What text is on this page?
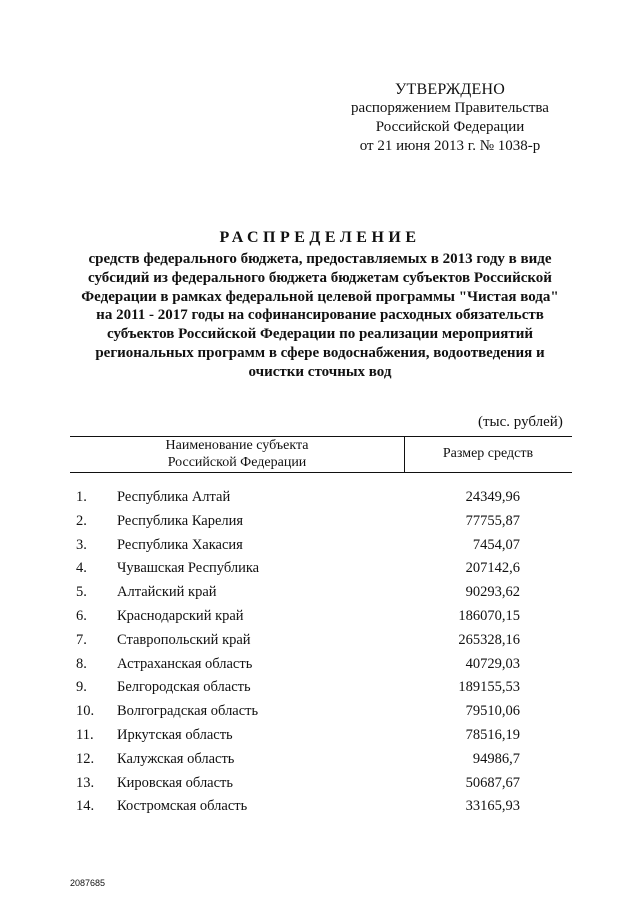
УТВЕРЖДЕНО
распоряжением Правительства
Российской Федерации
от 21 июня 2013 г. № 1038-р
РАСПРЕДЕЛЕНИЕ
средств федерального бюджета, предоставляемых в 2013 году в виде
субсидий из федерального бюджета бюджетам субъектов Российской
Федерации в рамках федеральной целевой программы "Чистая вода"
на 2011 - 2017 годы на софинансирование расходных обязательств
субъектов Российской Федерации по реализации мероприятий
региональных программ в сфере водоснабжения, водоотведения и
очистки сточных вод
(тыс. рублей)
Наименование субъекта
Российской Федерации
Размер средств
1. Республика Алтай	24349,96
2. Республика Карелия	77755,87
3. Республика Хакасия	7454,07
4. Чувашская Республика	207142,6
5. Алтайский край	90293,62
6. Краснодарский край	186070,15
7. Ставропольский край	265328,16
8. Астраханская область	40729,03
9. Белгородская область	189155,53
10. Волгоградская область	79510,06
11. Иркутская область	78516,19
12. Калужская область	94986,7
13. Кировская область	50687,67
14. Костромская область	33165,93
2087685
